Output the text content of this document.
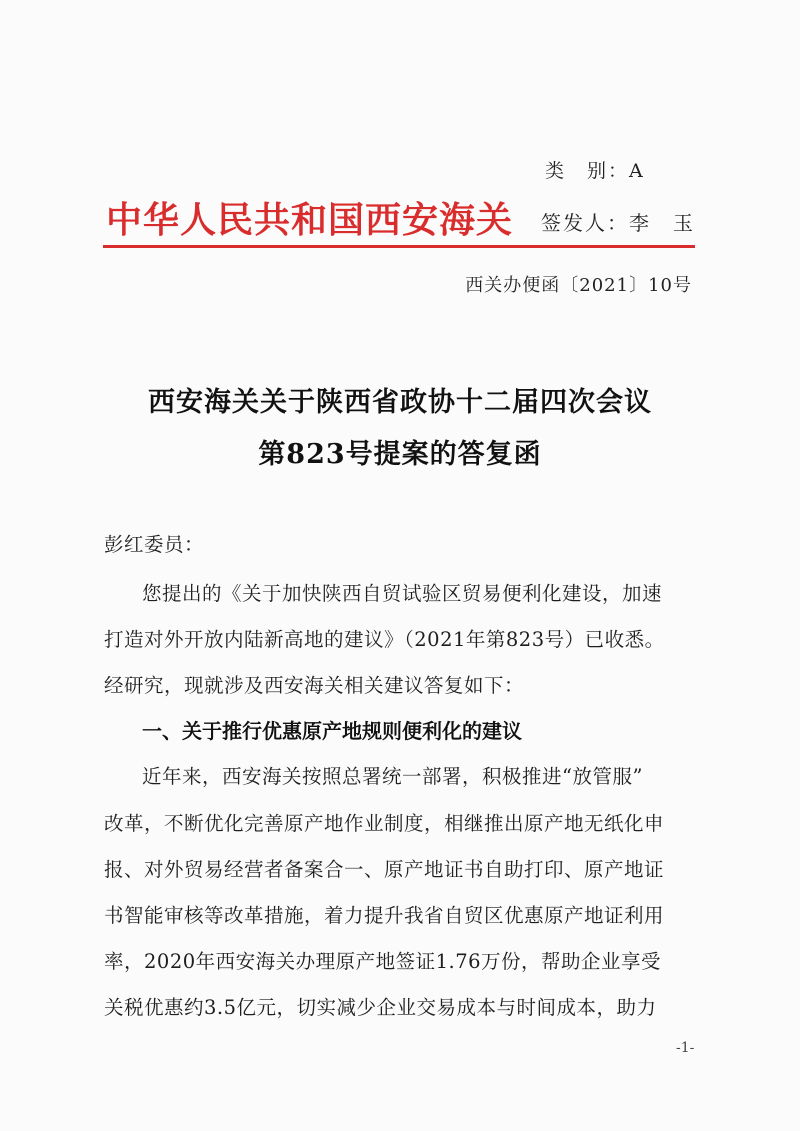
类　别：A
中华人民共和国西安海关 签发人：李　玉
西关办便函〔2021〕10号
西安海关关于陕西省政协十二届四次会议
第823号提案的答复函
彭红委员：
您提出的《关于加快陕西自贸试验区贸易便利化建设，加速
打造对外开放内陆新高地的建议》（2021年第823号）已收悉。
经研究，现就涉及西安海关相关建议答复如下：
一、关于推行优惠原产地规则便利化的建议
近年来，西安海关按照总署统一部署，积极推进“放管服”
改革，不断优化完善原产地作业制度，相继推出原产地无纸化申
报、对外贸易经营者备案合一、原产地证书自助打印、原产地证
书智能审核等改革措施，着力提升我省自贸区优惠原产地证利用
率，2020年西安海关办理原产地签证1.76万份，帮助企业享受
关税优惠约3.5亿元，切实减少企业交易成本与时间成本，助力
-1-
